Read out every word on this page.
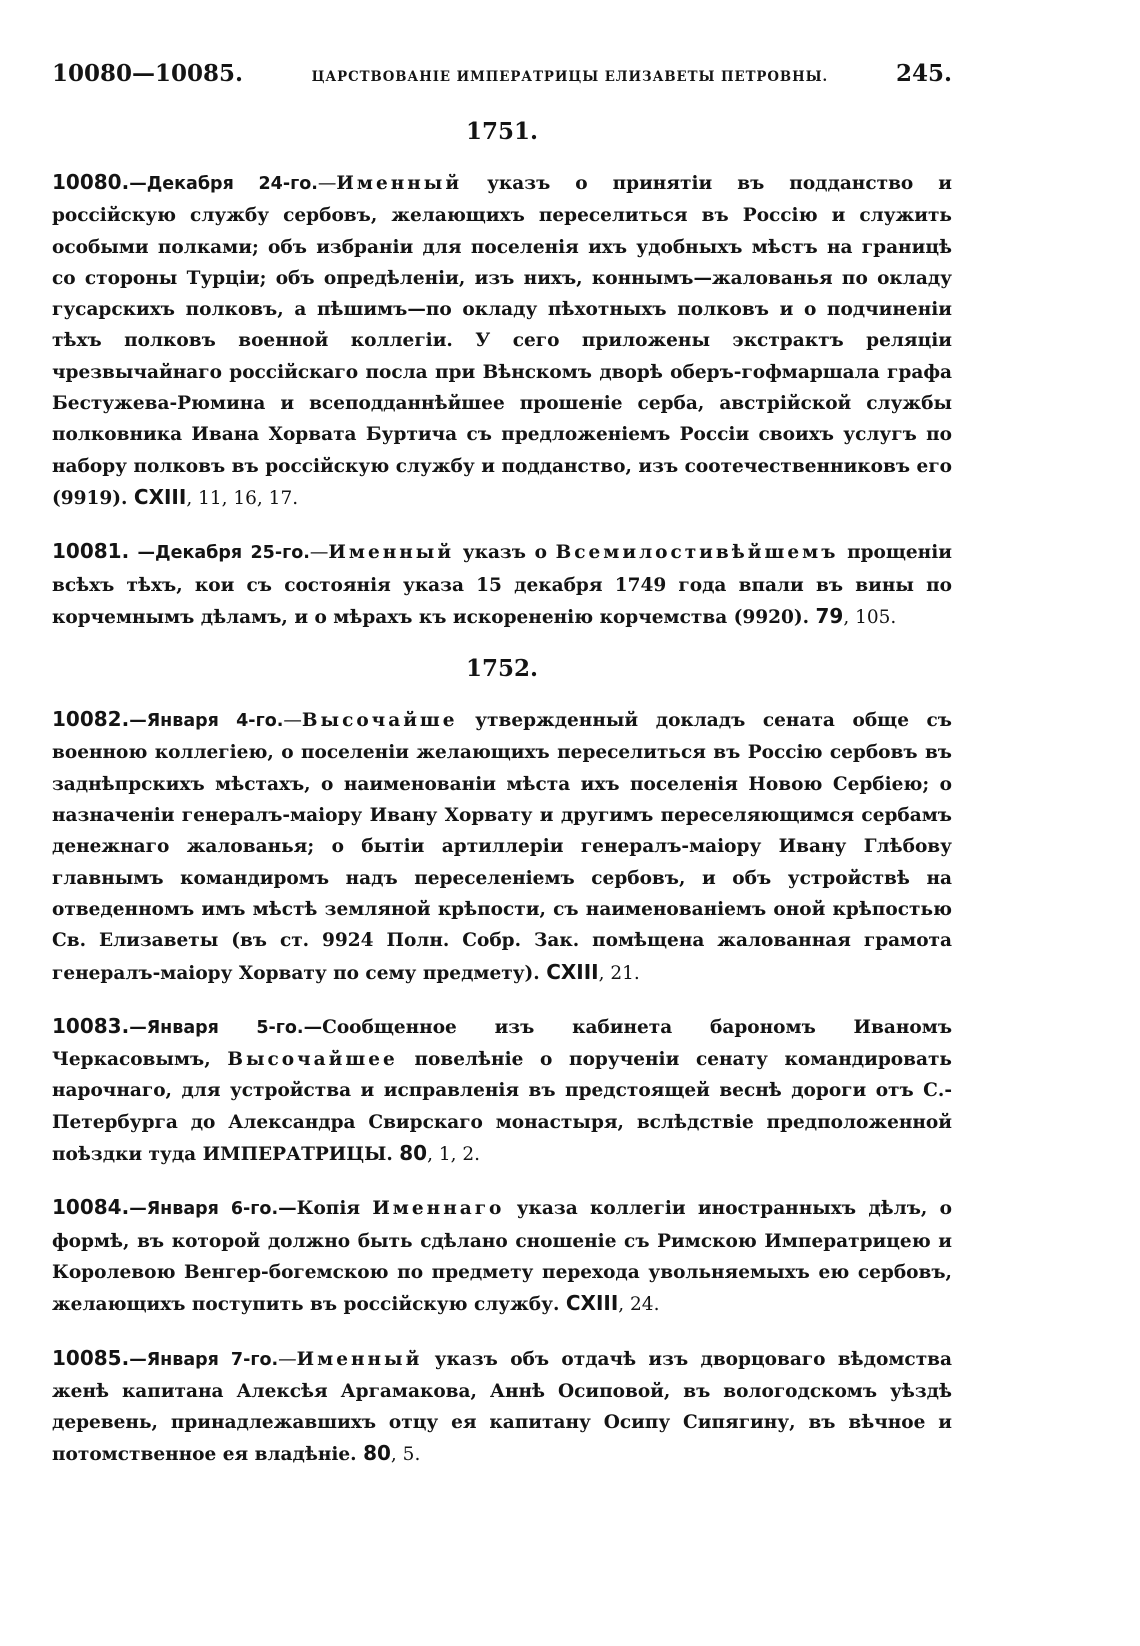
10080—10085.	ЦАРСТВОВАНІЕ ИМПЕРАТРИЦЫ ЕЛИЗАВЕТЫ ПЕТРОВНЫ.	245.
1751.

10080.—Декабря 24-го.—Именный указъ о принятіи въ подданство и россійскую службу сербовъ, желающихъ переселиться въ Россію и служить особыми полками; объ избраніи для поселенія ихъ удобныхъ мѣстъ на границѣ со стороны Турціи; объ опредѣленіи, изъ нихъ, коннымъ—жалованья по окладу гусарскихъ полковъ, а пѣшимъ—по окладу пѣхотныхъ полковъ и о подчиненіи тѣхъ полковъ военной коллегіи. У сего приложены экстрактъ реляціи чрезвычайнаго россійскаго посла при Вѣнскомъ дворѣ оберъ-гофмаршала графа Бестужева-Рюмина и всеподданнѣйшее прошеніе серба, австрійской службы полковника Ивана Хорвата Буртича съ предложеніемъ Россіи своихъ услугъ по набору полковъ въ россійскую службу и подданство, изъ соотечественниковъ его (9919). CXIII, 11, 16, 17.

10081. —Декабря 25-го.—Именный указъ о Всемилостивѣйшемъ прощеніи всѣхъ тѣхъ, кои съ состоянія указа 15 декабря 1749 года впали въ вины по корчемнымъ дѣламъ, и о мѣрахъ къ искорененію корчемства (9920). 79, 105.

1752.

10082.—Января 4-го.—Высочайше утвержденный докладъ сената обще съ военною коллегіею, о поселеніи желающихъ переселиться въ Россію сербовъ въ заднѣпрскихъ мѣстахъ, о наименованіи мѣста ихъ поселенія Новою Сербіею; о назначеніи генералъ-маіору Ивану Хорвату и другимъ переселяющимся сербамъ денежнаго жалованья; о бытіи артиллеріи генералъ-маіору Ивану Глѣбову главнымъ командиромъ надъ переселеніемъ сербовъ, и объ устройствѣ на отведенномъ имъ мѣстѣ земляной крѣпости, съ наименованіемъ оной крѣпостью Св. Елизаветы (въ ст. 9924 Полн. Собр. Зак. помѣщена жалованная грамота генералъ-маіору Хорвату по сему предмету). CXIII, 21.

10083.—Января 5-го.—Сообщенное изъ кабинета барономъ Иваномъ Черкасовымъ, Высочайшее повелѣніе о порученіи сенату командировать нарочнаго, для устройства и исправленія въ предстоящей веснѣ дороги отъ С.-Петербурга до Александра Свирскаго монастыря, вслѣдствіе предположенной поѣздки туда ИМПЕРАТРИЦЫ. 80, 1, 2.

10084.—Января 6-го.—Копія Именнаго указа коллегіи иностранныхъ дѣлъ, о формѣ, въ которой должно быть сдѣлано сношеніе съ Римскою Императрицею и Королевою Венгер-богемскою по предмету перехода увольняемыхъ ею сербовъ, желающихъ поступить въ россійскую службу. CXIII, 24.

10085.—Января 7-го.—Именный указъ объ отдачѣ изъ дворцоваго вѣдомства женѣ капитана Алексѣя Аргамакова, Аннѣ Осиповой, въ вологодскомъ уѣздѣ деревень, принадлежавшихъ отцу ея капитану Осипу Сипягину, въ вѣчное и потомственное ея владѣніе. 80, 5.
